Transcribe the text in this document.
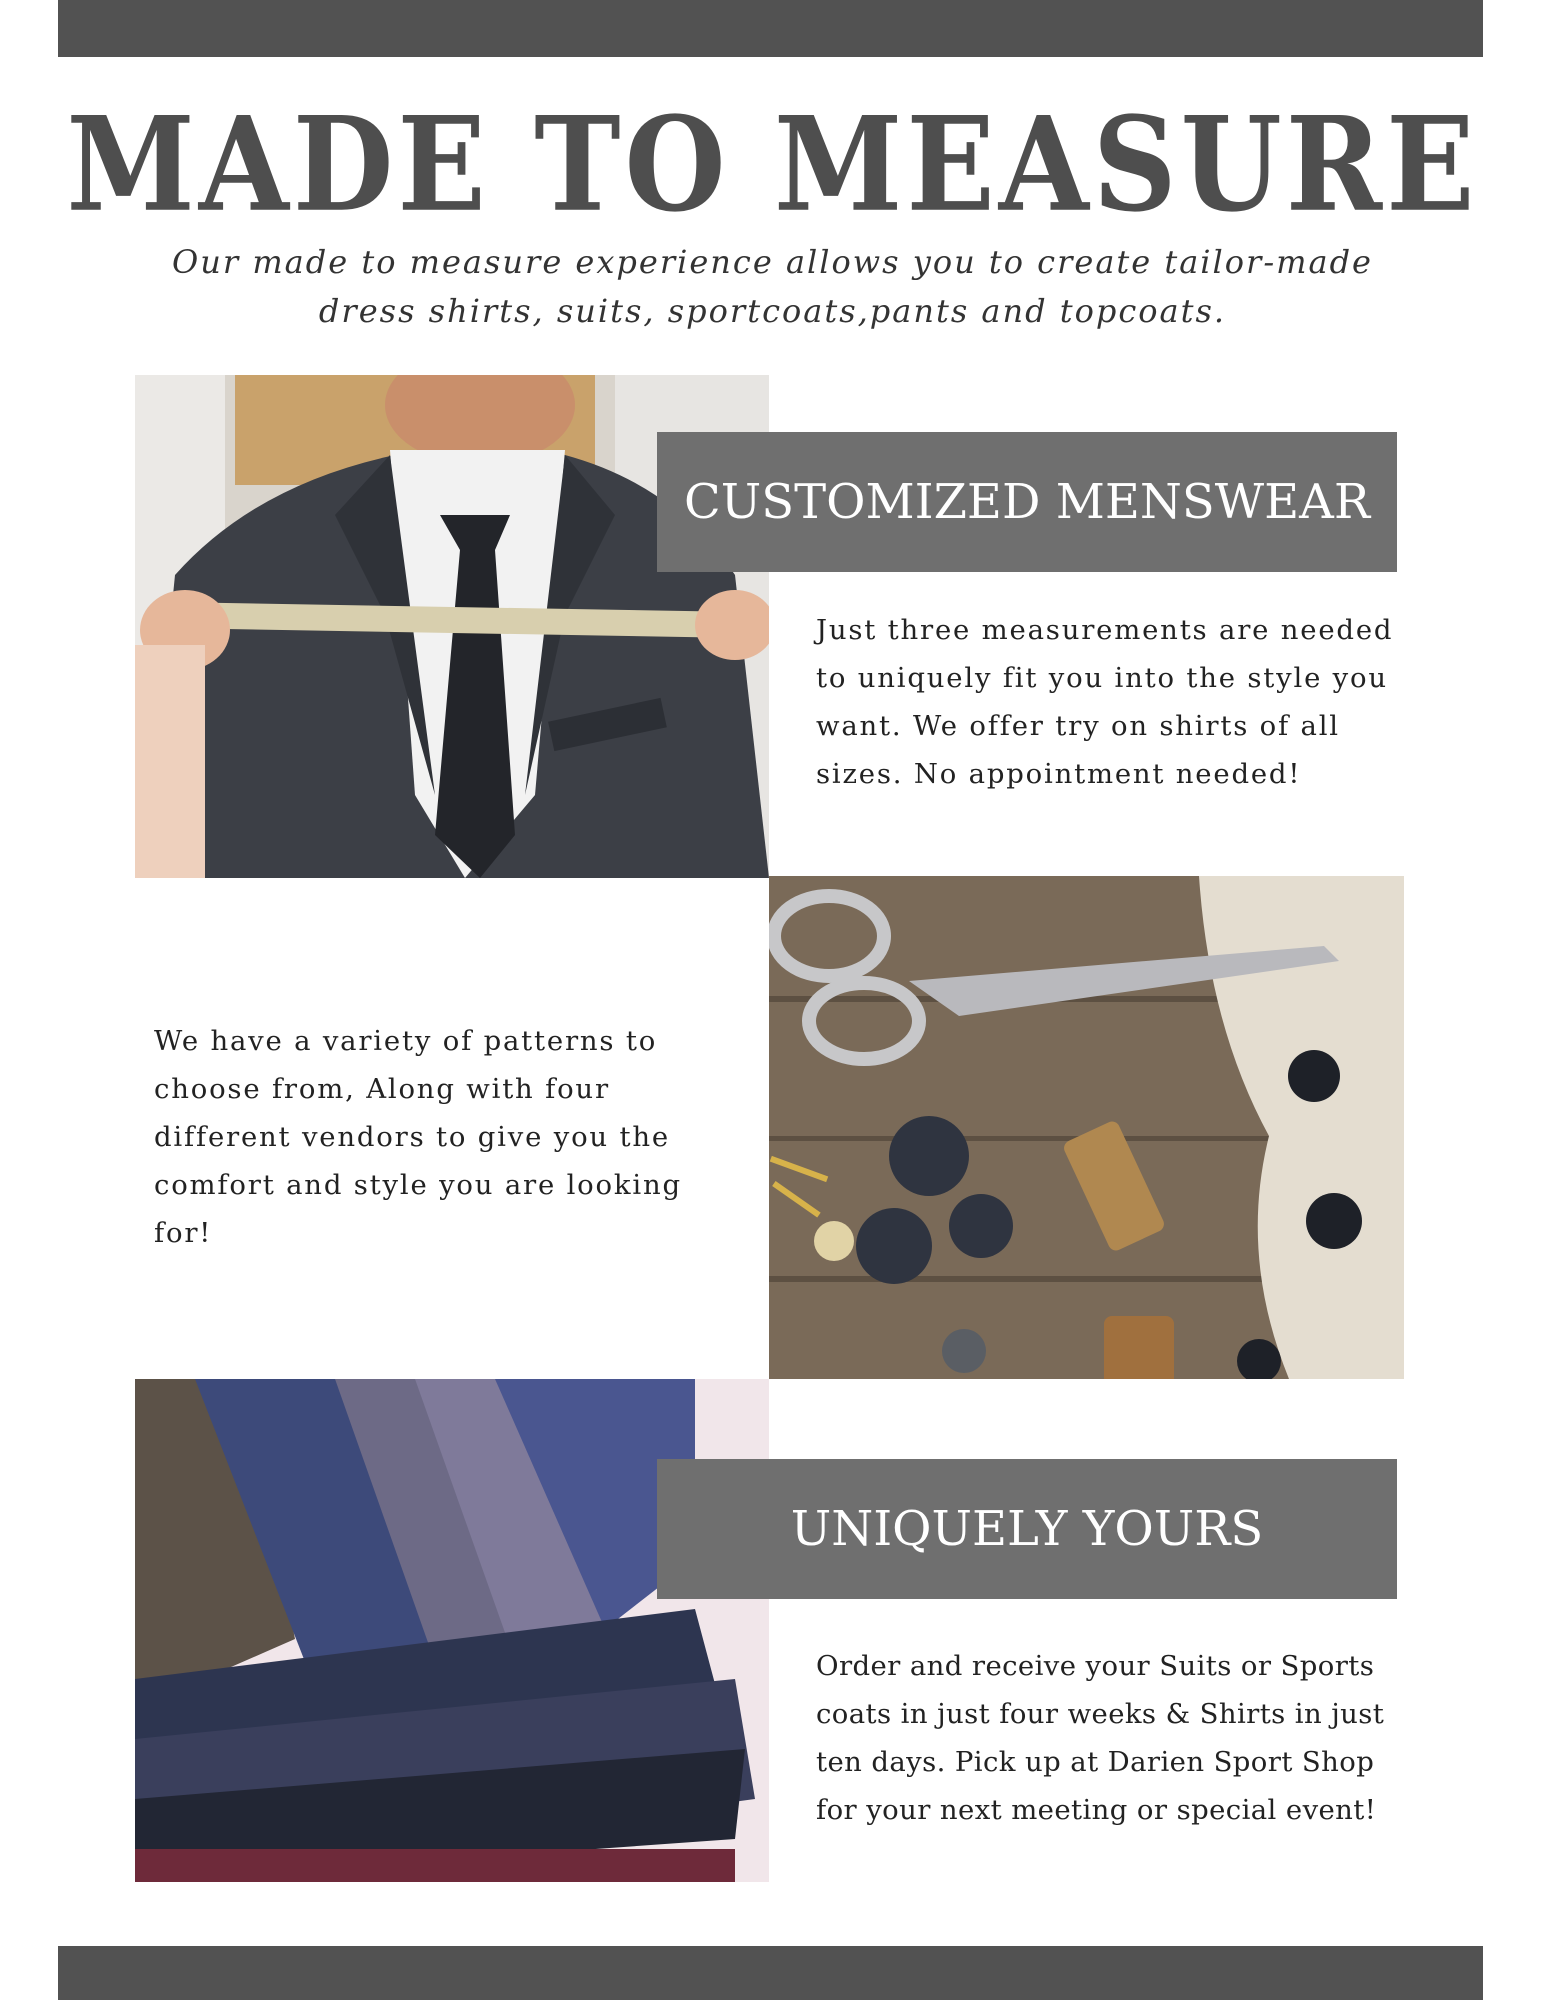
MADE TO MEASURE
Our made to measure experience allows you to create tailor-made dress shirts, suits, sportcoats,pants and topcoats.
CUSTOMIZED MENSWEAR
Just three measurements are needed to uniquely fit you into the style you want. We offer try on shirts of all sizes. No appointment needed!
We have a variety of patterns to choose from, Along with four different vendors to give you the comfort and style you are looking for!
UNIQUELY YOURS
Order and receive your Suits or Sports coats in just four weeks & Shirts in just ten days. Pick up at Darien Sport Shop for your next meeting or special event!
